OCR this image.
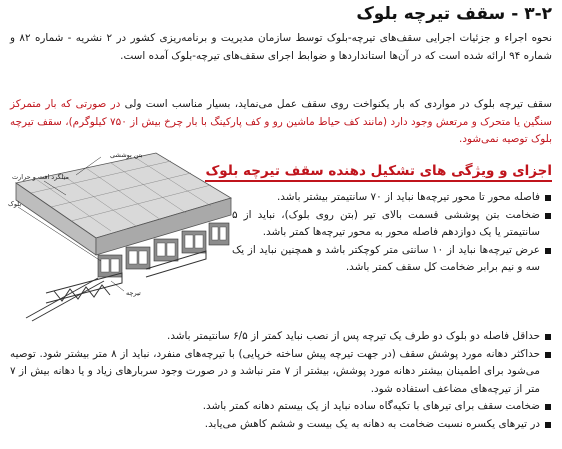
۳-۲ - سقف تیرچه بلوک

نحوه اجراء و جزئیات اجرایی سقف‌های تیرچه-بلوک توسط سازمان مدیریت و برنامه‌ریزی کشور در ۲ نشریه - شماره ۸۲ و شماره ۹۴ ارائه شده است که در آن‌ها استانداردها و ضوابط اجرای سقف‌های تیرچه-بلوک آمده است.

سقف تیرچه بلوک در مواردی که بار یکنواخت روی سقف عمل می‌نماید، بسیار مناسب است ولی در صورتی که بار متمرکز سنگین یا متحرک و مرتعش وجود دارد (مانند کف حیاط ماشین رو و کف پارکینگ با بار چرخ بیش از ۷۵۰ کیلوگرم)، سقف تیرچه بلوک توصیه نمی‌شود.

اجزای و ویژگی های تشکیل دهنده سقف تیرچه بلوک
فاصله محور تا محور تیرچه‌ها نباید از ۷۰ سانتیمتر بیشتر باشد.
ضخامت بتن پوششی قسمت بالای تیر (بتن روی بلوک)، نباید از ۵ سانتیمتر یا یک دوازدهم فاصله محور به محور تیرچه‌ها کمتر باشد.
عرض تیرچه‌ها نباید از ۱۰ سانتی متر کوچکتر باشد و همچنین نباید از یک سه و نیم برابر ضخامت کل سقف کمتر باشد.
حداقل فاصله دو بلوک دو طرف یک تیرچه پس از نصب نباید کمتر از ۶/۵ سانتیمتر باشد.
حداکثر دهانه مورد پوشش سقف (در جهت تیرچه پیش ساخته خرپایی) با تیرچه‌های منفرد، نباید از ۸ متر بیشتر شود. توصیه می‌شود برای اطمینان بیشتر دهانه مورد پوشش، بیشتر از ۷ متر نباشد و در صورت وجود سربارهای زیاد و یا دهانه بیش از ۷ متر از تیرچه‌های مضاعف استفاده شود.
ضخامت سقف برای تیرهای با تکیه‌گاه ساده نباید از یک بیستم دهانه کمتر باشد.
در تیرهای یکسره نسبت ضخامت به دهانه به یک بیست و ششم کاهش می‌یابد.
بتن پوششی
میلگرد افت و حرارت
بلوک
تیرچه
